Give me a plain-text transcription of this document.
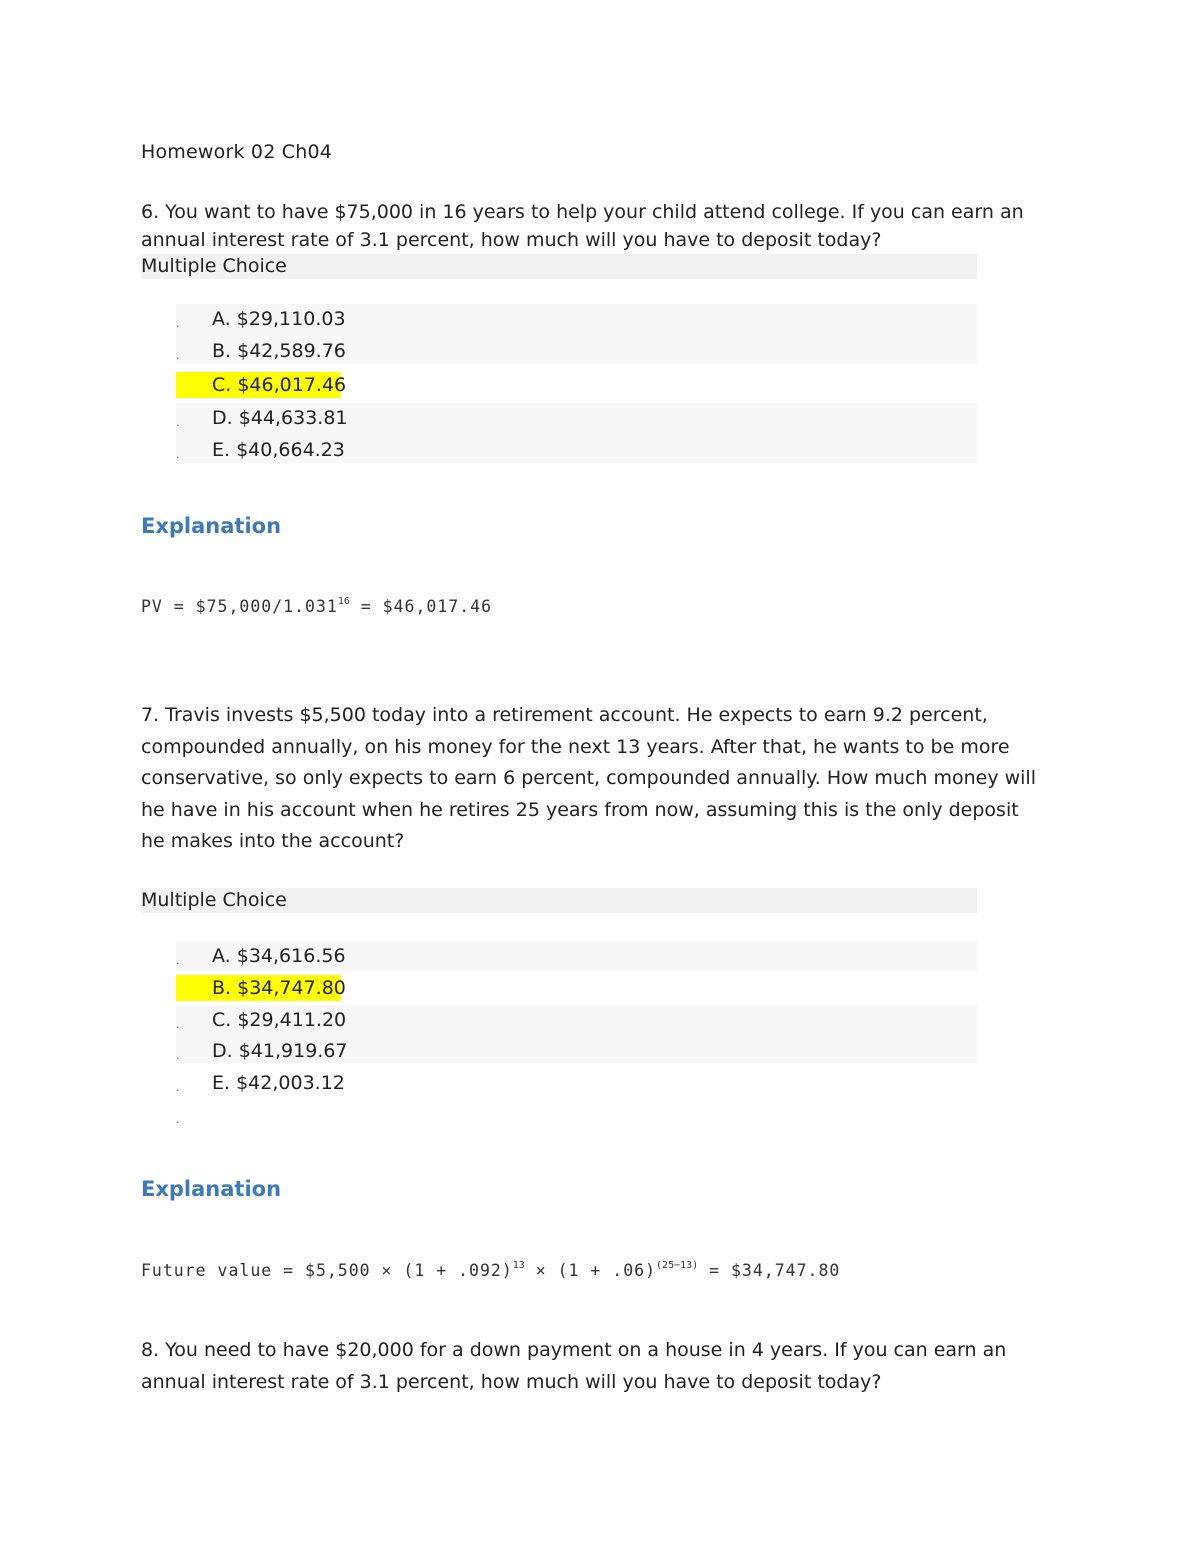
Homework 02 Ch04
6. You want to have $75,000 in 16 years to help your child attend college. If you can earn an annual interest rate of 3.1 percent, how much will you have to deposit today?
Multiple Choice
. A. $29,110.03
. B. $42,589.76
C. $46,017.46
. D. $44,633.81
. E. $40,664.23
Explanation
PV = $\$75,000/1.031^{16}$ = $46,017.46
7. Travis invests $5,500 today into a retirement account. He expects to earn 9.2 percent, compounded annually, on his money for the next 13 years. After that, he wants to be more conservative, so only expects to earn 6 percent, compounded annually. How much money will he have in his account when he retires 25 years from now, assuming this is the only deposit he makes into the account?
Multiple Choice
. A. $34,616.56
B. $34,747.80
. C. $29,411.20
. D. $41,919.67
. E. $42,003.12
.
Explanation
Future value = $5,500 × $(1 + .092)^{13} \times (1 + .06)^{(25-13)}$ = $34,747.80
8. You need to have $20,000 for a down payment on a house in 4 years. If you can earn an annual interest rate of 3.1 percent, how much will you have to deposit today?
